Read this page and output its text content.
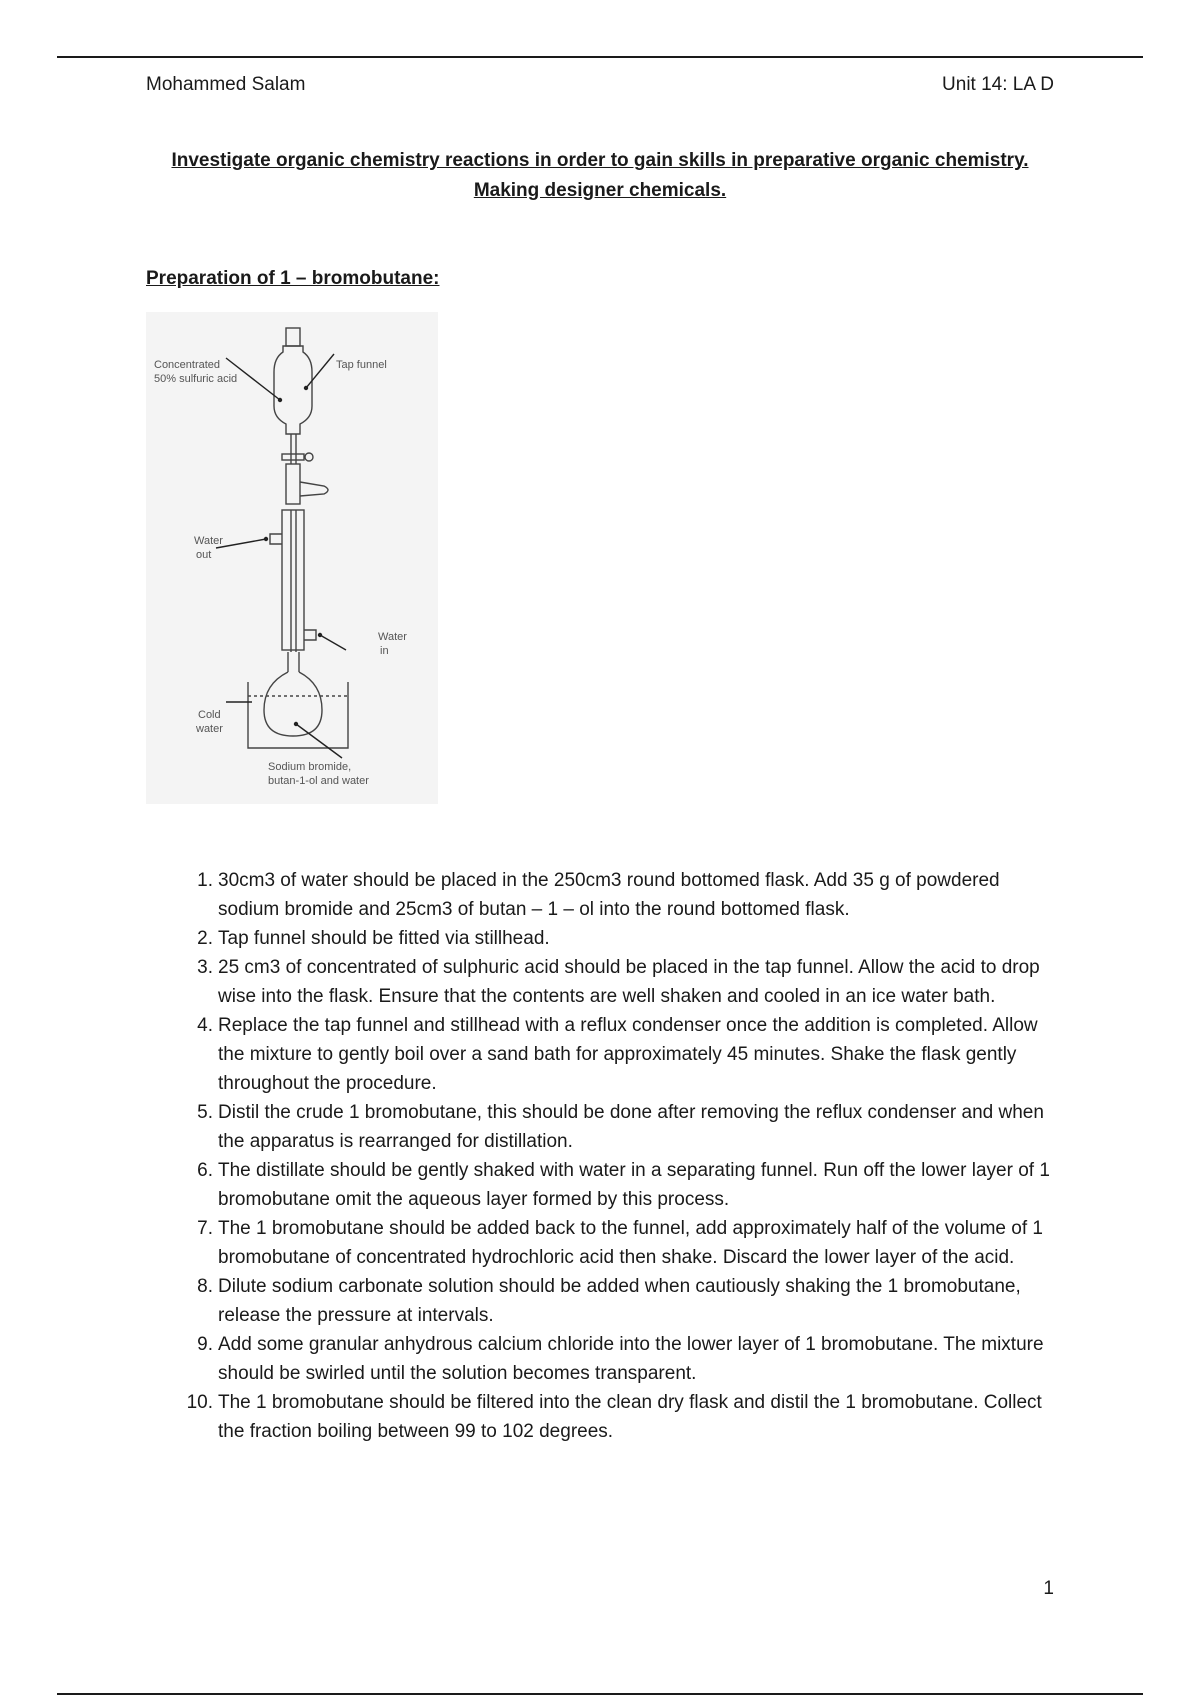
Mohammed Salam	Unit 14: LA D
Investigate organic chemistry reactions in order to gain skills in preparative organic chemistry.
Making designer chemicals.
Preparation of 1 – bromobutane:
Concentrated
50% sulfuric acid
Tap funnel
Water
out
Water
in
Cold
water
Sodium bromide,
butan-1-ol and water
1. 30cm3 of water should be placed in the 250cm3 round bottomed flask. Add 35 g of powdered sodium bromide and 25cm3 of butan – 1 – ol into the round bottomed flask.
2. Tap funnel should be fitted via stillhead.
3. 25 cm3 of concentrated of sulphuric acid should be placed in the tap funnel. Allow the acid to drop wise into the flask. Ensure that the contents are well shaken and cooled in an ice water bath.
4. Replace the tap funnel and stillhead with a reflux condenser once the addition is completed. Allow the mixture to gently boil over a sand bath for approximately 45 minutes. Shake the flask gently throughout the procedure.
5. Distil the crude 1 bromobutane, this should be done after removing the reflux condenser and when the apparatus is rearranged for distillation.
6. The distillate should be gently shaked with water in a separating funnel. Run off the lower layer of 1 bromobutane omit the aqueous layer formed by this process.
7. The 1 bromobutane should be added back to the funnel, add approximately half of the volume of 1 bromobutane of concentrated hydrochloric acid then shake. Discard the lower layer of the acid.
8. Dilute sodium carbonate solution should be added when cautiously shaking the 1 bromobutane, release the pressure at intervals.
9. Add some granular anhydrous calcium chloride into the lower layer of 1 bromobutane. The mixture should be swirled until the solution becomes transparent.
10. The 1 bromobutane should be filtered into the clean dry flask and distil the 1 bromobutane. Collect the fraction boiling between 99 to 102 degrees.
1
